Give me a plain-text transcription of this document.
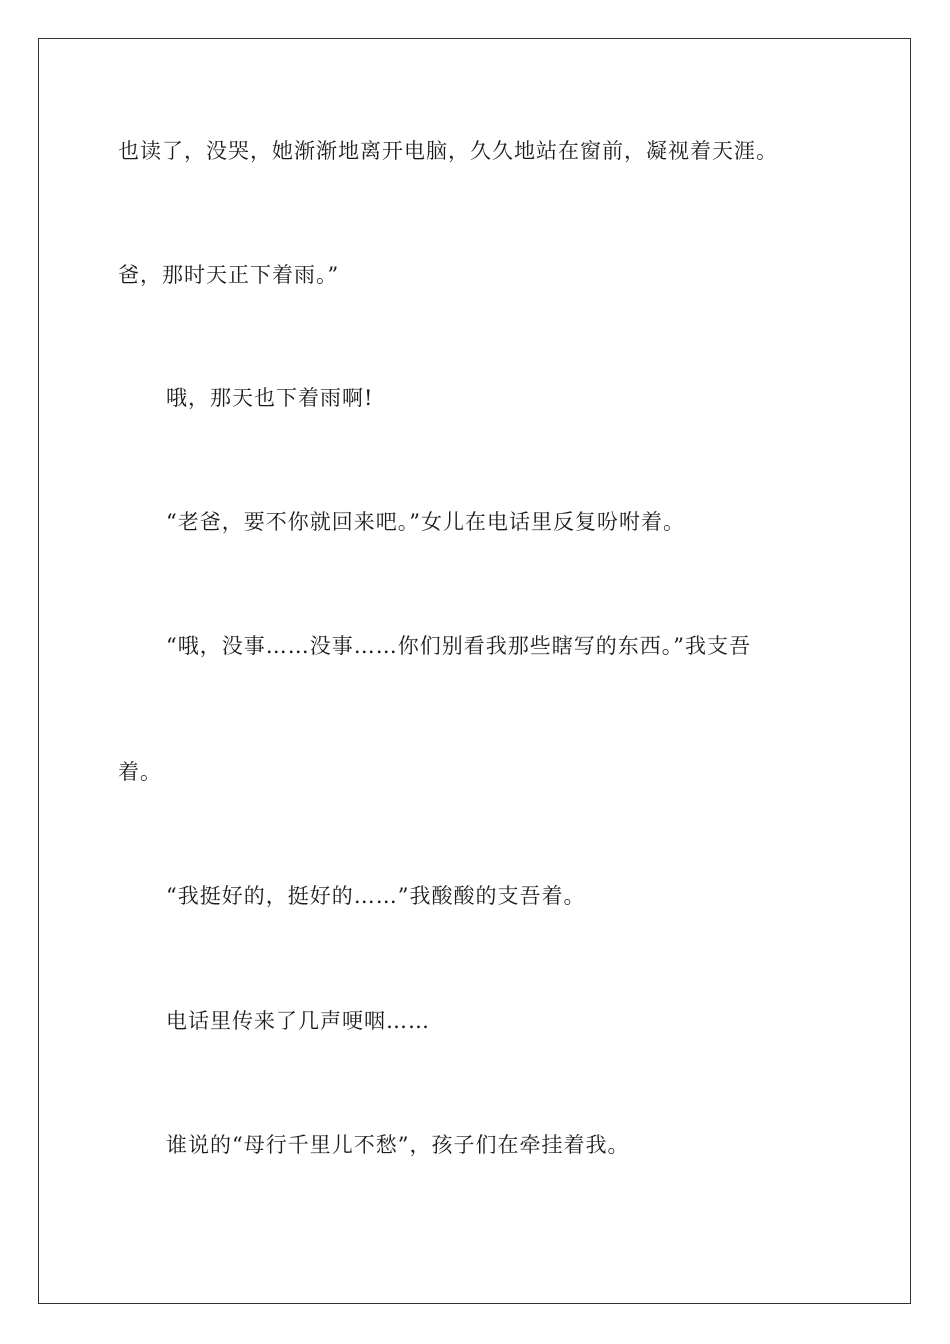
也读了，没哭，她渐渐地离开电脑，久久地站在窗前，凝视着天涯。
爸，那时天正下着雨。”
哦，那天也下着雨啊!
“老爸，要不你就回来吧。”女儿在电话里反复吩咐着。
“哦，没事……没事……你们别看我那些瞎写的东西。”我支吾
着。
“我挺好的，挺好的……”我酸酸的支吾着。
电话里传来了几声哽咽……
谁说的“母行千里儿不愁”，孩子们在牵挂着我。
